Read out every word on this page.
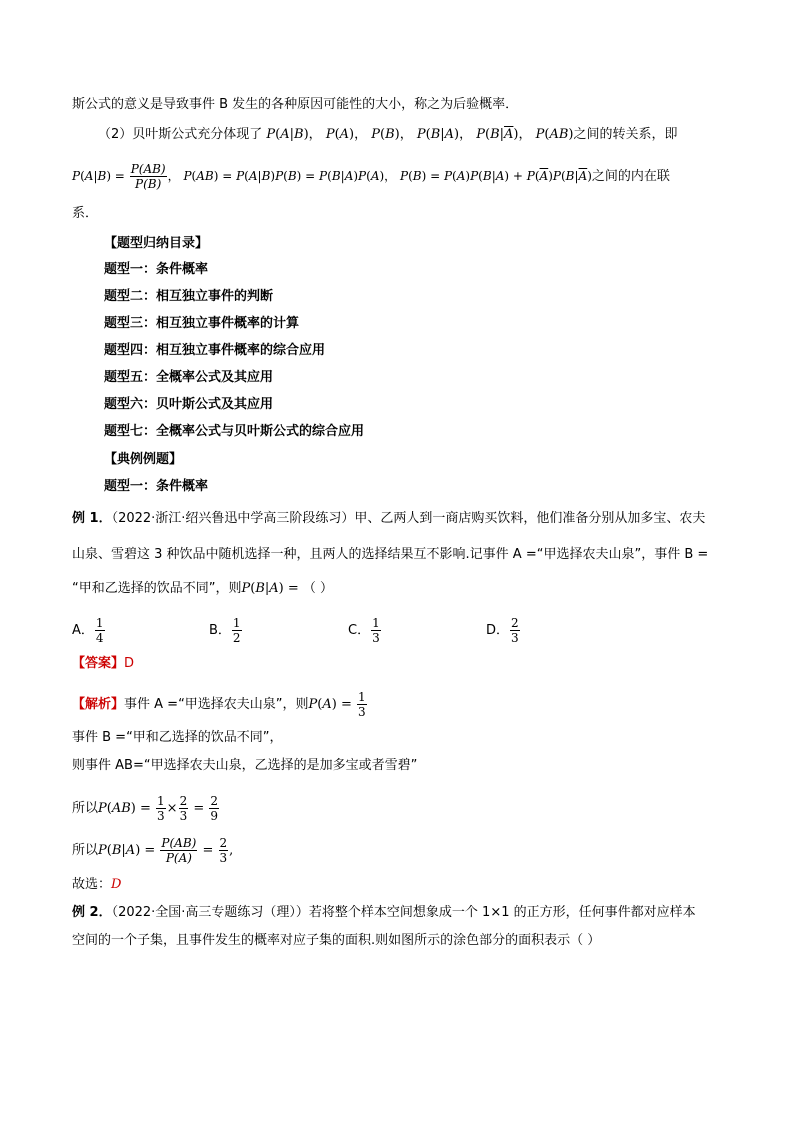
斯公式的意义是导致事件 B 发生的各种原因可能性的大小，称之为后验概率．
（2）贝叶斯公式充分体现了 P(A|B)， P(A)， P(B)， P(B|A)， $P(B|\overline{A})$， P(AB)之间的转关系，即
$P(A|B) = \frac{P(AB)}{P(B)}$ ， P(AB) = P(A|B)P(B) = P(B|A)P(A)， $P(B) = P(A)P(B|A) + P(\overline{A})P(B|\overline{A})$之间的内在联
系．
【题型归纳目录】
题型一：条件概率
题型二：相互独立事件的判断
题型三：相互独立事件概率的计算
题型四：相互独立事件概率的综合应用
题型五：全概率公式及其应用
题型六：贝叶斯公式及其应用
题型七：全概率公式与贝叶斯公式的综合应用
【典例例题】
题型一：条件概率
例 1．（2022·浙江·绍兴鲁迅中学高三阶段练习）甲、乙两人到一商店购买饮料，他们准备分别从加多宝、农夫
山泉、雪碧这 3 种饮品中随机选择一种，且两人的选择结果互不影响.记事件 A =“甲选择农夫山泉”，事件 B =
“甲和乙选择的饮品不同”，则P(B|A) = （ ）
A． $\frac{1}{4}$	B． $\frac{1}{2}$	C． $\frac{1}{3}$	D． $\frac{2}{3}$
【答案】D
【解析】事件 A =“甲选择农夫山泉”，则$P(A) = \frac{1}{3}$
事件 B =“甲和乙选择的饮品不同”，
则事件 AB=“甲选择农夫山泉，乙选择的是加多宝或者雪碧”
所以$P(AB) = \frac{1}{3} \times \frac{2}{3} = \frac{2}{9}$
所以$P(B|A) = \frac{P(AB)}{P(A)} = \frac{2}{3}$ ,
故选：D
例 2．（2022·全国·高三专题练习（理））若将整个样本空间想象成一个 1×1 的正方形，任何事件都对应样本
空间的一个子集，且事件发生的概率对应子集的面积.则如图所示的涂色部分的面积表示（ ）
